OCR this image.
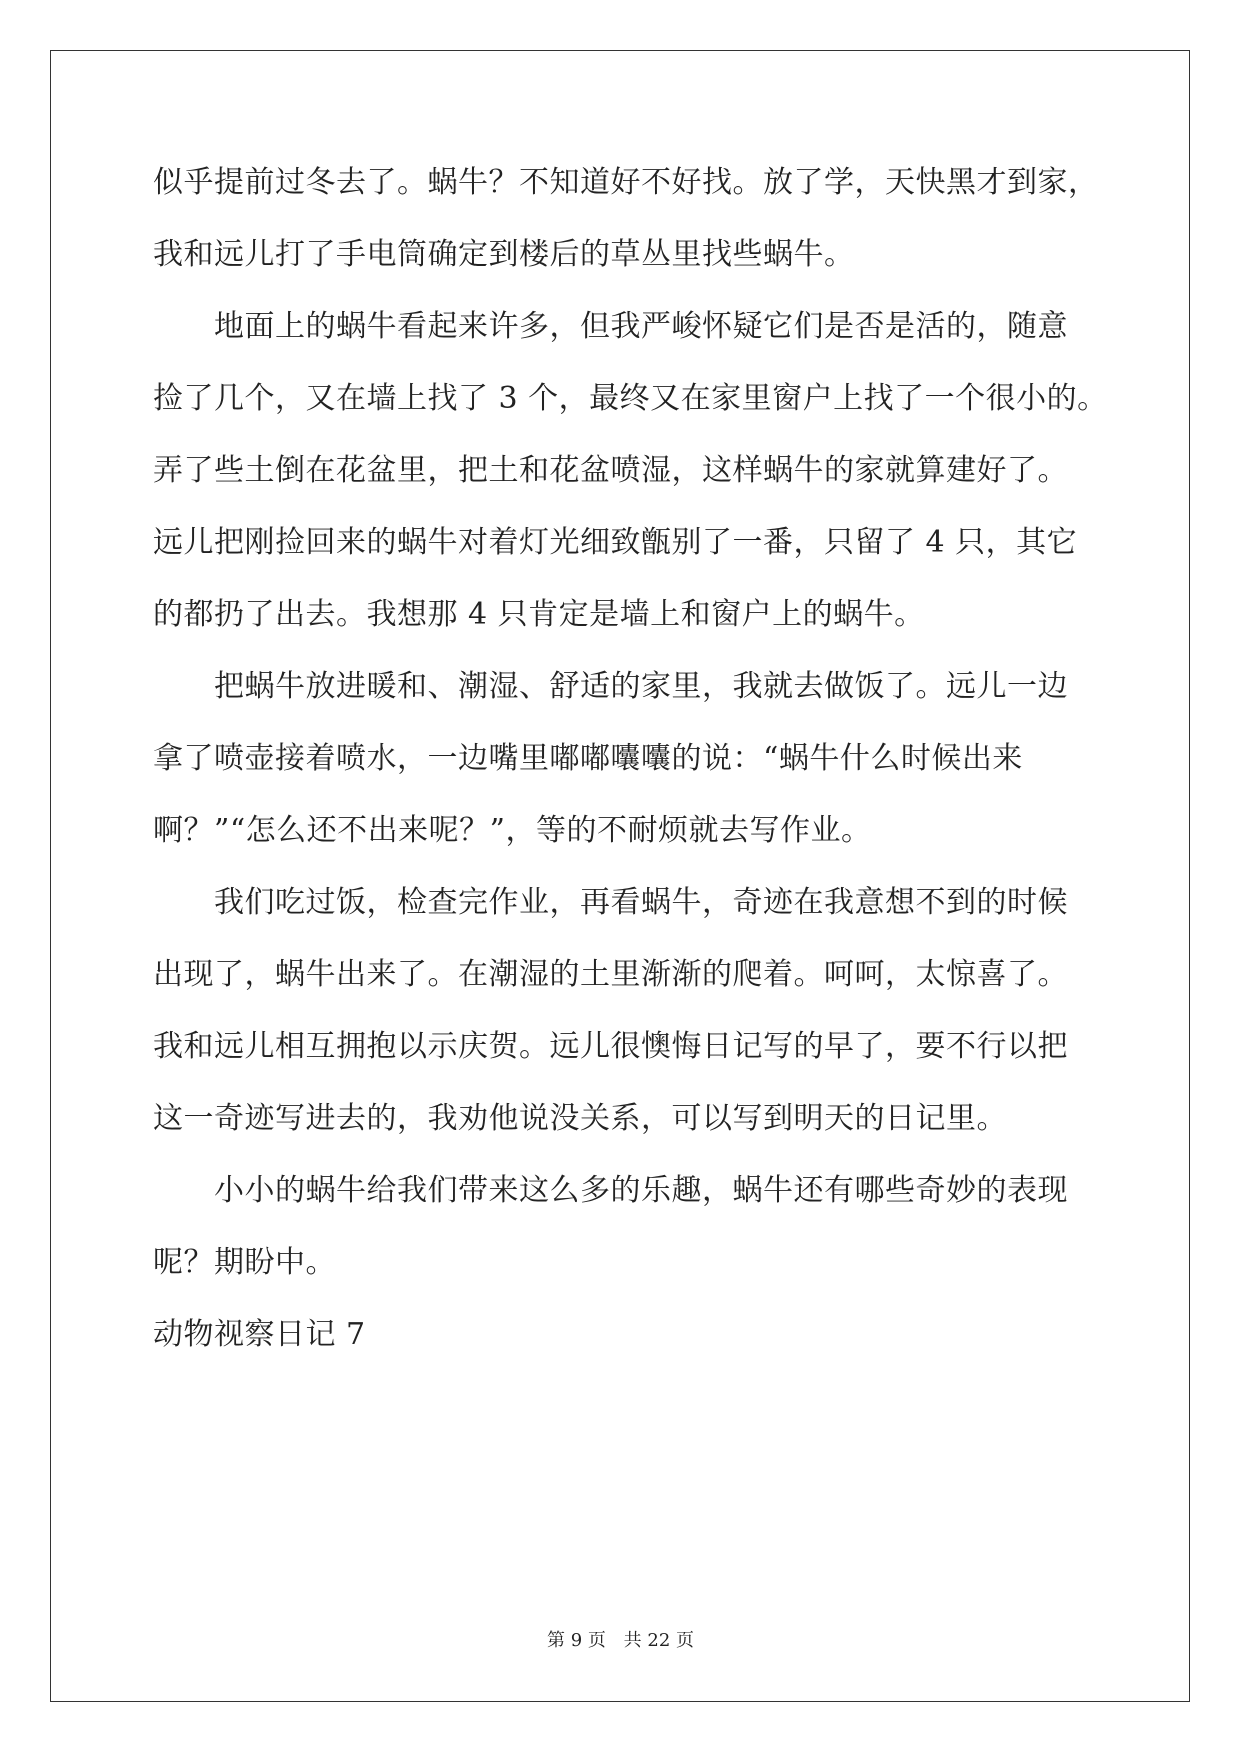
似乎提前过冬去了。蜗牛？不知道好不好找。放了学，天快黑才到家，
我和远儿打了手电筒确定到楼后的草丛里找些蜗牛。
地面上的蜗牛看起来许多，但我严峻怀疑它们是否是活的，随意
捡了几个，又在墙上找了 3 个，最终又在家里窗户上找了一个很小的。
弄了些土倒在花盆里，把土和花盆喷湿，这样蜗牛的家就算建好了。
远儿把刚捡回来的蜗牛对着灯光细致甑别了一番，只留了 4 只，其它
的都扔了出去。我想那 4 只肯定是墙上和窗户上的蜗牛。
把蜗牛放进暖和、潮湿、舒适的家里，我就去做饭了。远儿一边
拿了喷壶接着喷水，一边嘴里嘟嘟囔囔的说：“蜗牛什么时候出来
啊？”“怎么还不出来呢？”，等的不耐烦就去写作业。
我们吃过饭，检查完作业，再看蜗牛，奇迹在我意想不到的时候
出现了，蜗牛出来了。在潮湿的土里渐渐的爬着。呵呵，太惊喜了。
我和远儿相互拥抱以示庆贺。远儿很懊悔日记写的早了，要不行以把
这一奇迹写进去的，我劝他说没关系，可以写到明天的日记里。
小小的蜗牛给我们带来这么多的乐趣，蜗牛还有哪些奇妙的表现
呢？期盼中。
动物视察日记 7
第 9 页 共 22 页
